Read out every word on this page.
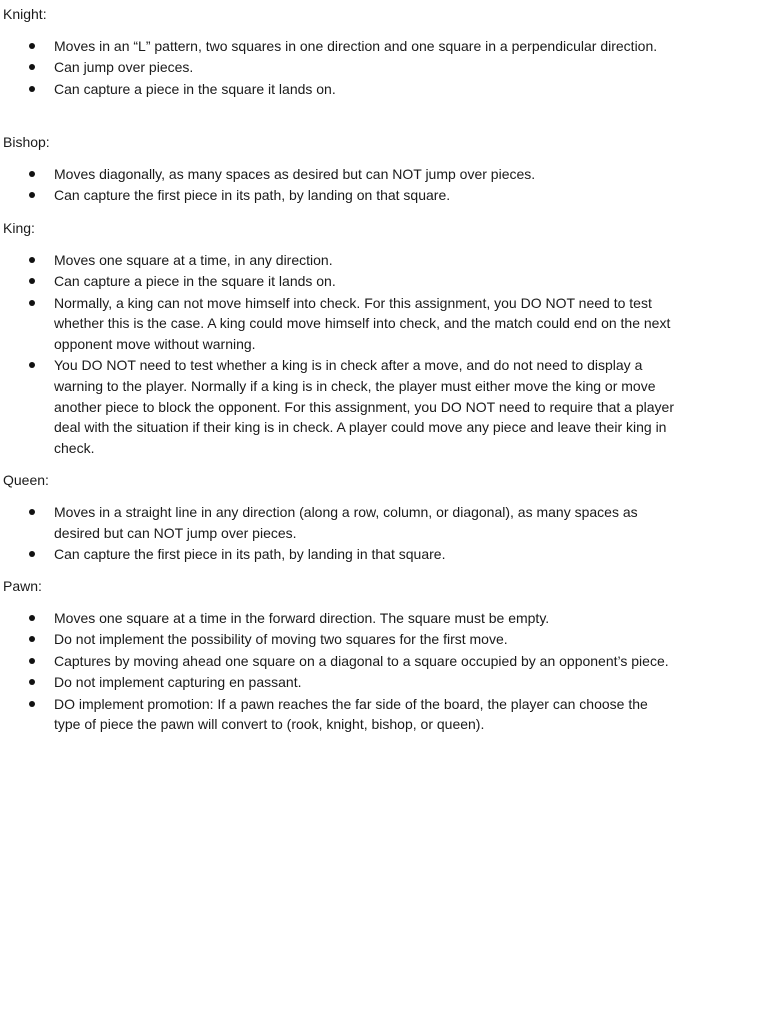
Knight:
Moves in an “L” pattern, two squares in one direction and one square in a perpendicular direction.
Can jump over pieces.
Can capture a piece in the square it lands on.
Bishop:
Moves diagonally, as many spaces as desired but can NOT jump over pieces.
Can capture the first piece in its path, by landing on that square.
King:
Moves one square at a time, in any direction.
Can capture a piece in the square it lands on.
Normally, a king can not move himself into check. For this assignment, you DO NOT need to test whether this is the case. A king could move himself into check, and the match could end on the next opponent move without warning.
You DO NOT need to test whether a king is in check after a move, and do not need to display a warning to the player. Normally if a king is in check, the player must either move the king or move another piece to block the opponent. For this assignment, you DO NOT need to require that a player deal with the situation if their king is in check. A player could move any piece and leave their king in check.
Queen:
Moves in a straight line in any direction (along a row, column, or diagonal), as many spaces as desired but can NOT jump over pieces.
Can capture the first piece in its path, by landing in that square.
Pawn:
Moves one square at a time in the forward direction. The square must be empty.
Do not implement the possibility of moving two squares for the first move.
Captures by moving ahead one square on a diagonal to a square occupied by an opponent’s piece.
Do not implement capturing en passant.
DO implement promotion: If a pawn reaches the far side of the board, the player can choose the type of piece the pawn will convert to (rook, knight, bishop, or queen).
